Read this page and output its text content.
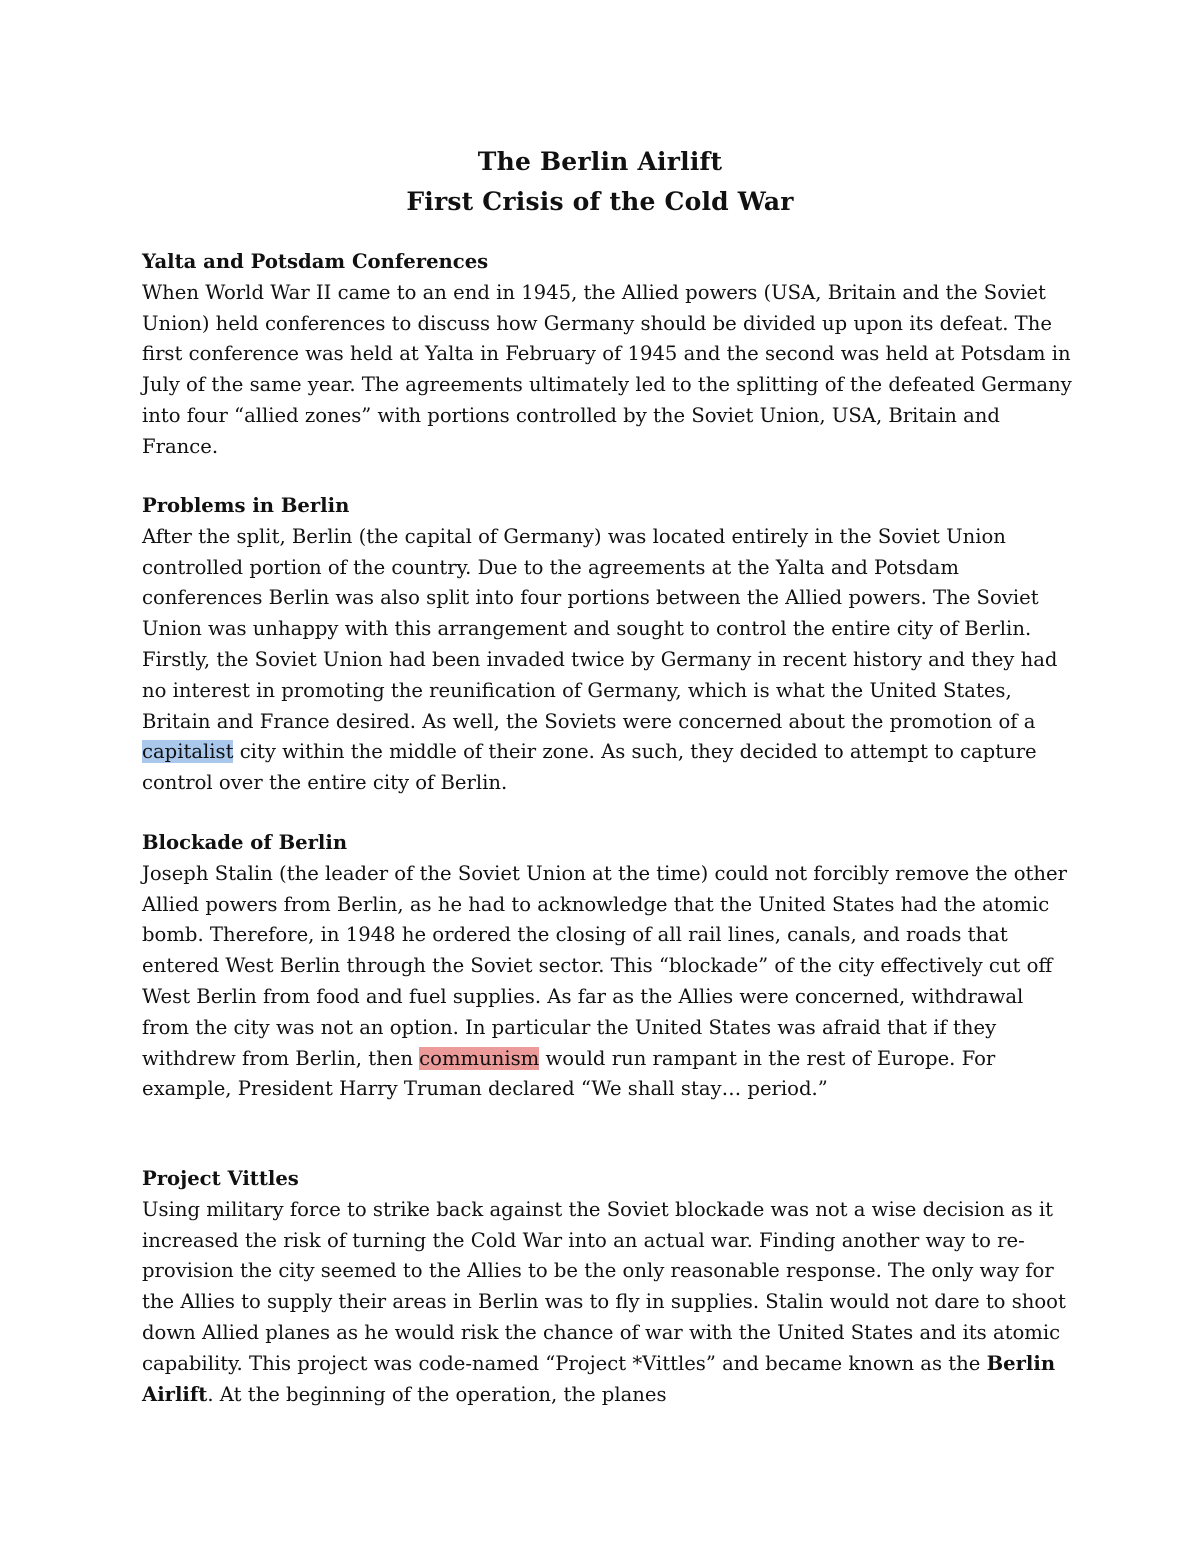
The Berlin Airlift
First Crisis of the Cold War
Yalta and Potsdam Conferences

When World War II came to an end in 1945, the Allied powers (USA, Britain and the Soviet Union) held conferences to discuss how Germany should be divided up upon its defeat. The first conference was held at Yalta in February of 1945 and the second was held at Potsdam in July of the same year. The agreements ultimately led to the splitting of the defeated Germany into four “allied zones” with portions controlled by the Soviet Union, USA, Britain and France.

Problems in Berlin

After the split, Berlin (the capital of Germany) was located entirely in the Soviet Union controlled portion of the country. Due to the agreements at the Yalta and Potsdam conferences Berlin was also split into four portions between the Allied powers. The Soviet Union was unhappy with this arrangement and sought to control the entire city of Berlin. Firstly, the Soviet Union had been invaded twice by Germany in recent history and they had no interest in promoting the reunification of Germany, which is what the United States, Britain and France desired. As well, the Soviets were concerned about the promotion of a capitalist city within the middle of their zone. As such, they decided to attempt to capture control over the entire city of Berlin.

Blockade of Berlin

Joseph Stalin (the leader of the Soviet Union at the time) could not forcibly remove the other Allied powers from Berlin, as he had to acknowledge that the United States had the atomic bomb. Therefore, in 1948 he ordered the closing of all rail lines, canals, and roads that entered West Berlin through the Soviet sector. This “blockade” of the city effectively cut off West Berlin from food and fuel supplies. As far as the Allies were concerned, withdrawal from the city was not an option. In particular the United States was afraid that if they withdrew from Berlin, then communism would run rampant in the rest of Europe. For example, President Harry Truman declared “We shall stay… period.”

Project Vittles

Using military force to strike back against the Soviet blockade was not a wise decision as it increased the risk of turning the Cold War into an actual war. Finding another way to re-provision the city seemed to the Allies to be the only reasonable response. The only way for the Allies to supply their areas in Berlin was to fly in supplies. Stalin would not dare to shoot down Allied planes as he would risk the chance of war with the United States and its atomic capability. This project was code-named “Project *Vittles” and became known as the Berlin Airlift. At the beginning of the operation, the planes
